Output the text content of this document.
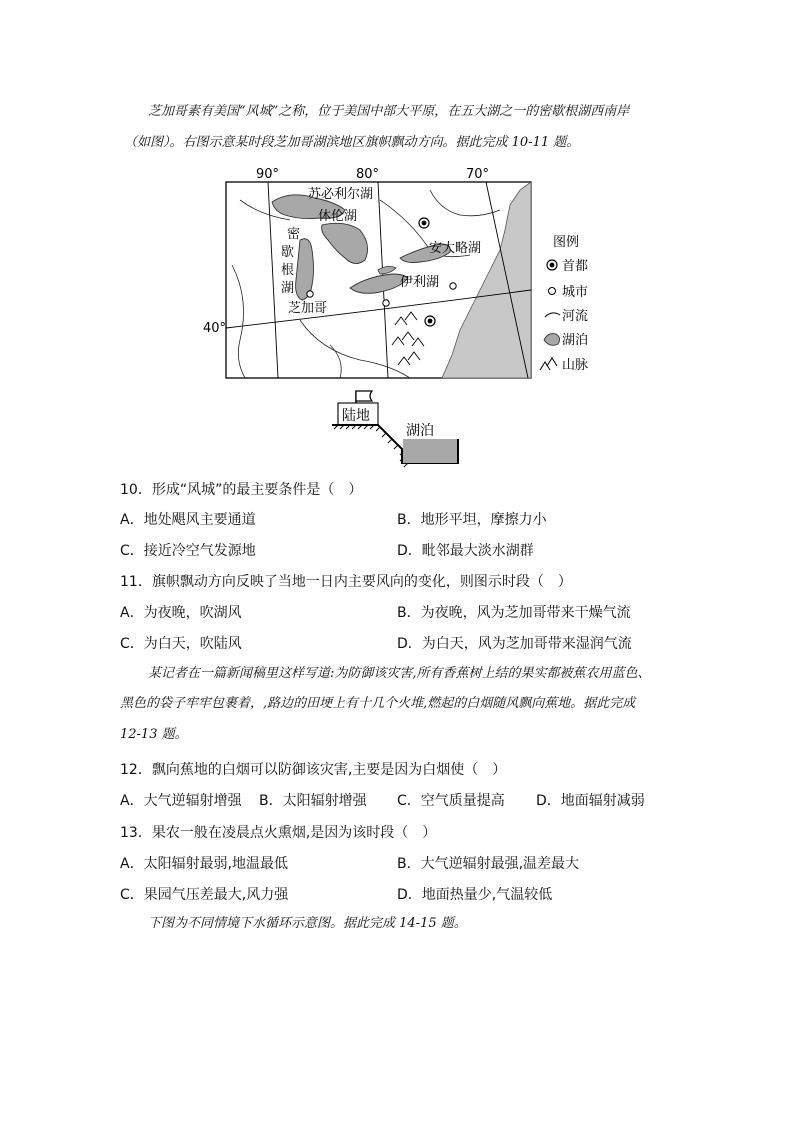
芝加哥素有美国“风城”之称，位于美国中部大平原，在五大湖之一的密歇根湖西南岸
（如图）。右图示意某时段芝加哥湖滨地区旗帜飘动方向。据此完成 10-11 题。
90°	80°	70°
40°
苏必利尔湖
休伦湖
密
歇
根
湖
安大略湖
伊利湖
芝加哥
图例
首都
城市
河流
湖泊
山脉
陆地
湖泊
10．形成“风城”的最主要条件是（　）
A．地处飓风主要通道	B．地形平坦，摩擦力小
C．接近冷空气发源地	D．毗邻最大淡水湖群
11．旗帜飘动方向反映了当地一日内主要风向的变化，则图示时段（　）
A．为夜晚，吹湖风	B．为夜晚，风为芝加哥带来干燥气流
C．为白天，吹陆风	D．为白天，风为芝加哥带来湿润气流
某记者在一篇新闻稿里这样写道:为防御该灾害,所有香蕉树上结的果实都被蕉农用蓝色、
黑色的袋子牢牢包裹着，,路边的田埂上有十几个火堆,燃起的白烟随风飘向蕉地。据此完成
12-13 题。
12．飘向蕉地的白烟可以防御该灾害,主要是因为白烟使（　）
A．大气逆辐射增强 B．太阳辐射增强 C．空气质量提高 D．地面辐射减弱
13．果农一般在凌晨点火熏烟,是因为该时段（　）
A．太阳辐射最弱,地温最低	B．大气逆辐射最强,温差最大
C．果园气压差最大,风力强	D．地面热量少,气温较低
下图为不同情境下水循环示意图。据此完成 14-15 题。
